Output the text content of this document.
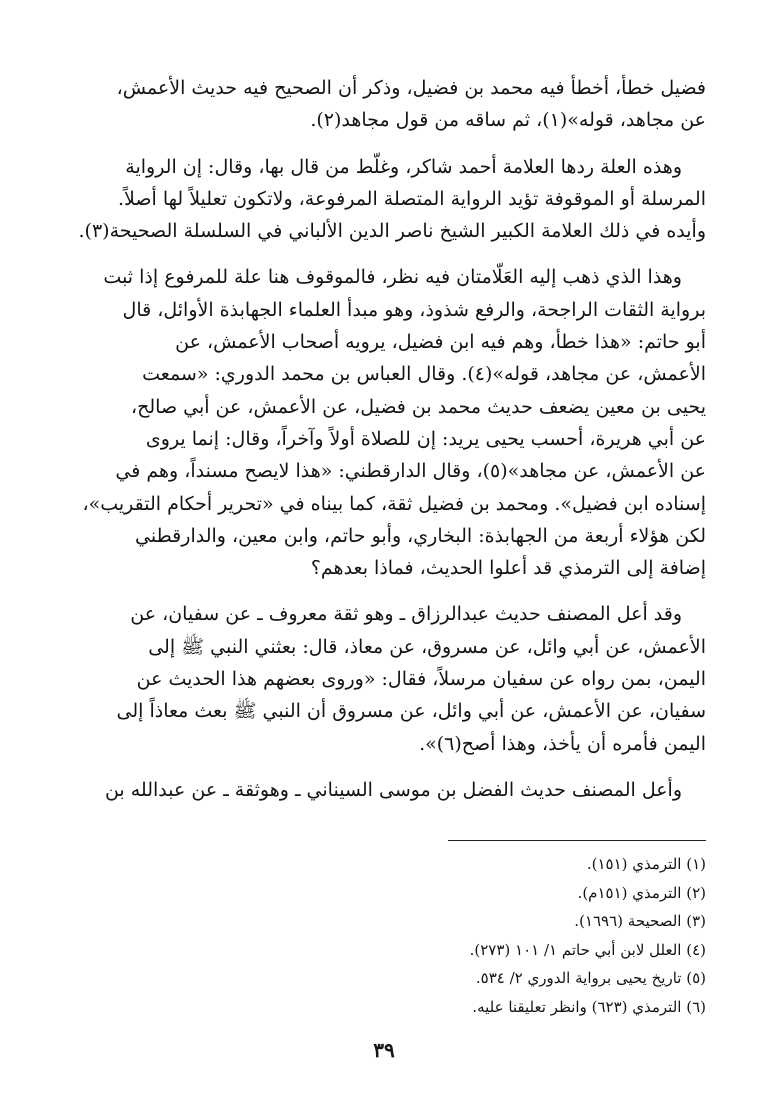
فضيل خطأ، أخطأ فيه محمد بن فضيل، وذكر أن الصحيح فيه حديث الأعمش،
عن مجاهد، قوله»(١)، ثم ساقه من قول مجاهد(٢).

وهذه العلة ردها العلامة أحمد شاكر، وغلّط من قال بها، وقال: إن الرواية
المرسلة أو الموقوفة تؤيد الرواية المتصلة المرفوعة، ولاتكون تعليلاً لها أصلاً.
وأيده في ذلك العلامة الكبير الشيخ ناصر الدين الألباني في السلسلة الصحيحة(٣).

وهذا الذي ذهب إليه العَلّامتان فيه نظر، فالموقوف هنا علة للمرفوع إذا ثبت
برواية الثقات الراجحة، والرفع شذوذ، وهو مبدأ العلماء الجهابذة الأوائل، قال
أبو حاتم: «هذا خطأ، وهم فيه ابن فضيل، يرويه أصحاب الأعمش، عن
الأعمش، عن مجاهد، قوله»(٤). وقال العباس بن محمد الدوري: «سمعت
يحيى بن معين يضعف حديث محمد بن فضيل، عن الأعمش، عن أبي صالح،
عن أبي هريرة، أحسب يحيى يريد: إن للصلاة أولاً وآخراً، وقال: إنما يروى
عن الأعمش، عن مجاهد»(٥)، وقال الدارقطني: «هذا لايصح مسنداً، وهم في
إسناده ابن فضيل». ومحمد بن فضيل ثقة، كما بيناه في «تحرير أحكام التقريب»،
لكن هؤلاء أربعة من الجهابذة: البخاري، وأبو حاتم، وابن معين، والدارقطني
إضافة إلى الترمذي قد أعلوا الحديث، فماذا بعدهم؟

وقد أعل المصنف حديث عبدالرزاق ـ وهو ثقة معروف ـ عن سفيان، عن
الأعمش، عن أبي وائل، عن مسروق، عن معاذ، قال: بعثني النبي ﷺ إلى
اليمن، بمن رواه عن سفيان مرسلاً، فقال: «وروى بعضهم هذا الحديث عن
سفيان، عن الأعمش، عن أبي وائل، عن مسروق أن النبي ﷺ بعث معاذاً إلى
اليمن فأمره أن يأخذ، وهذا أصح(٦)».

وأعل المصنف حديث الفضل بن موسى السيناني ـ وهوثقة ـ عن عبدالله بن

(١) الترمذي (١٥١).
(٢) الترمذي (١٥١م).
(٣) الصحيحة (١٦٩٦).
(٤) العلل لابن أبي حاتم ١/ ١٠١ (٢٧٣).
(٥) تاريخ يحيى برواية الدوري ٢/ ٥٣٤.
(٦) الترمذي (٦٢٣) وانظر تعليقنا عليه.
٣٩
